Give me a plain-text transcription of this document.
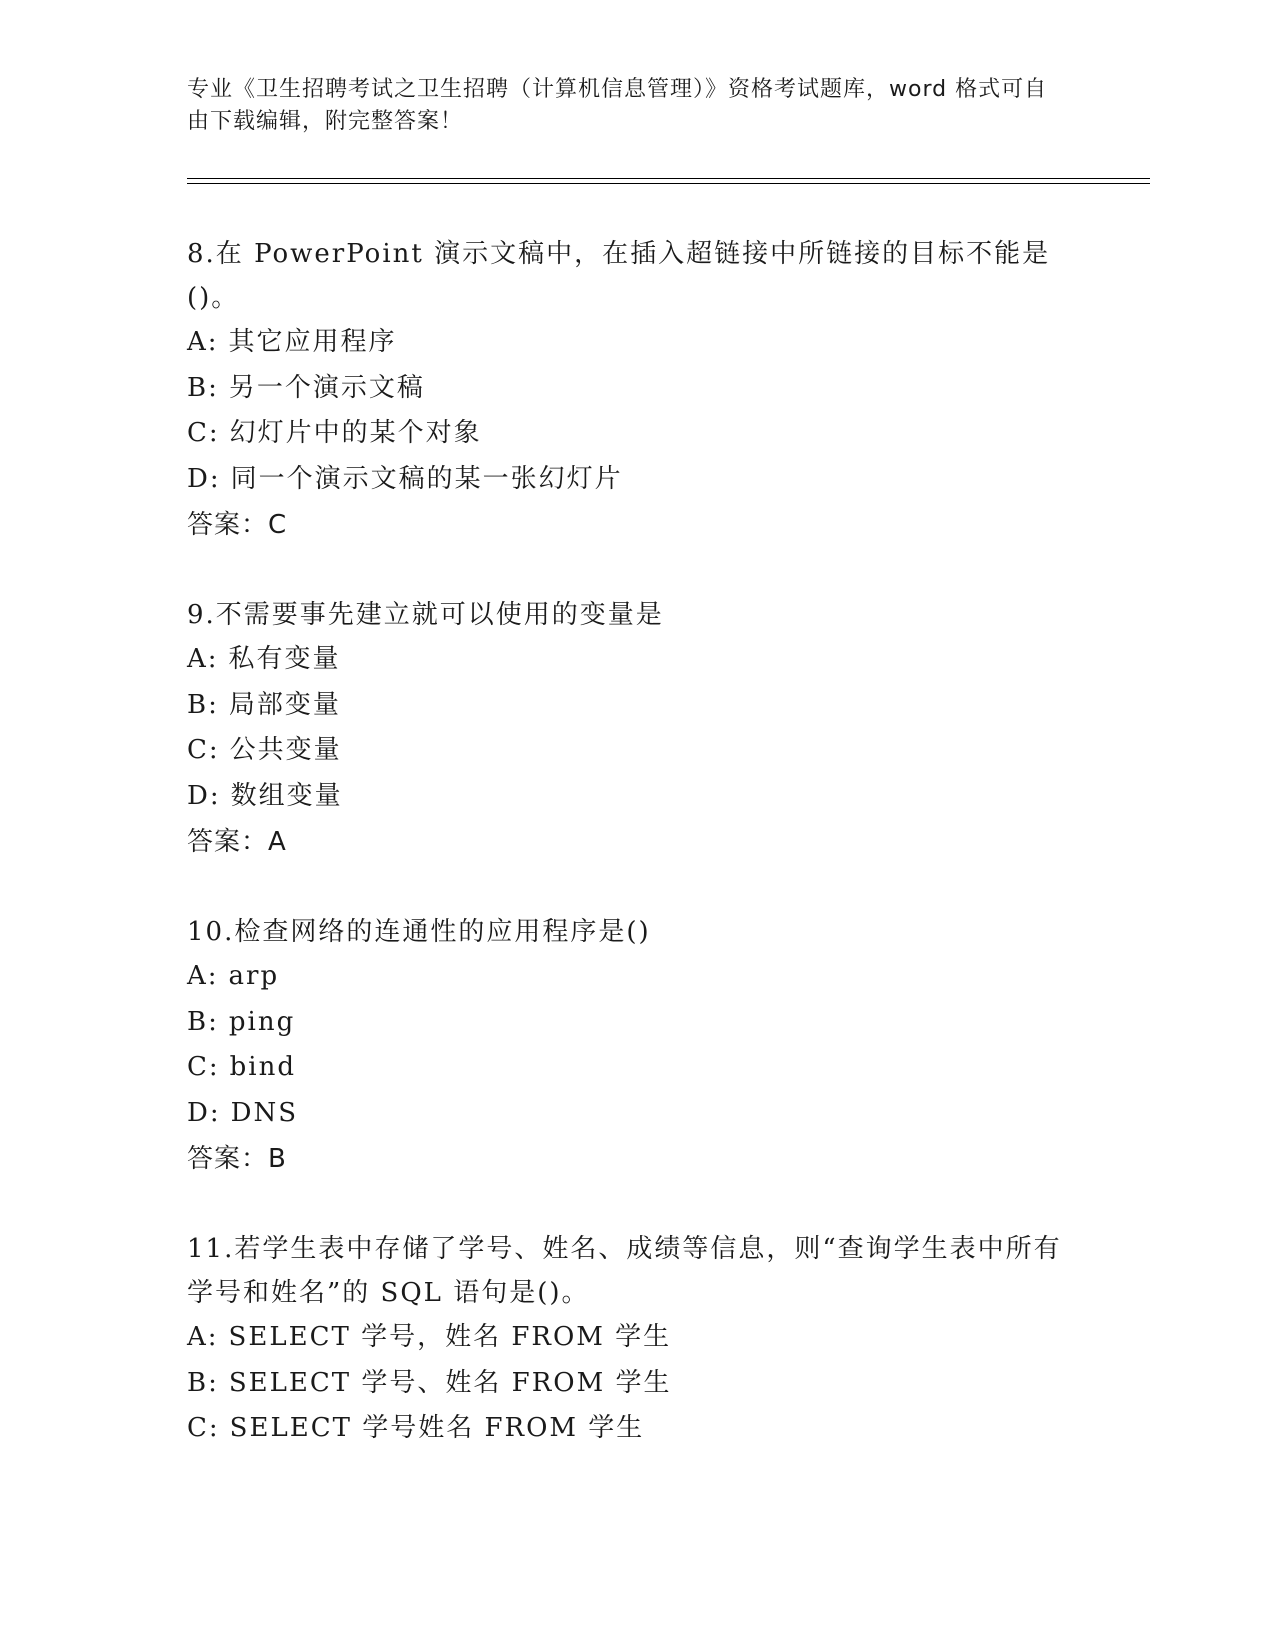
专业《卫生招聘考试之卫生招聘（计算机信息管理）》资格考试题库，word 格式可自由下载编辑，附完整答案！
8.在 PowerPoint 演示文稿中，在插入超链接中所链接的目标不能是()。
A: 其它应用程序
B: 另一个演示文稿
C: 幻灯片中的某个对象
D: 同一个演示文稿的某一张幻灯片
答案：C
9.不需要事先建立就可以使用的变量是
A: 私有变量
B: 局部变量
C: 公共变量
D: 数组变量
答案：A
10.检查网络的连通性的应用程序是()
A: arp
B: ping
C: bind
D: DNS
答案：B
11.若学生表中存储了学号、姓名、成绩等信息，则“查询学生表中所有学号和姓名”的 SQL 语句是()。
A: SELECT 学号，姓名 FROM 学生
B: SELECT 学号、姓名 FROM 学生
C: SELECT 学号姓名 FROM 学生
